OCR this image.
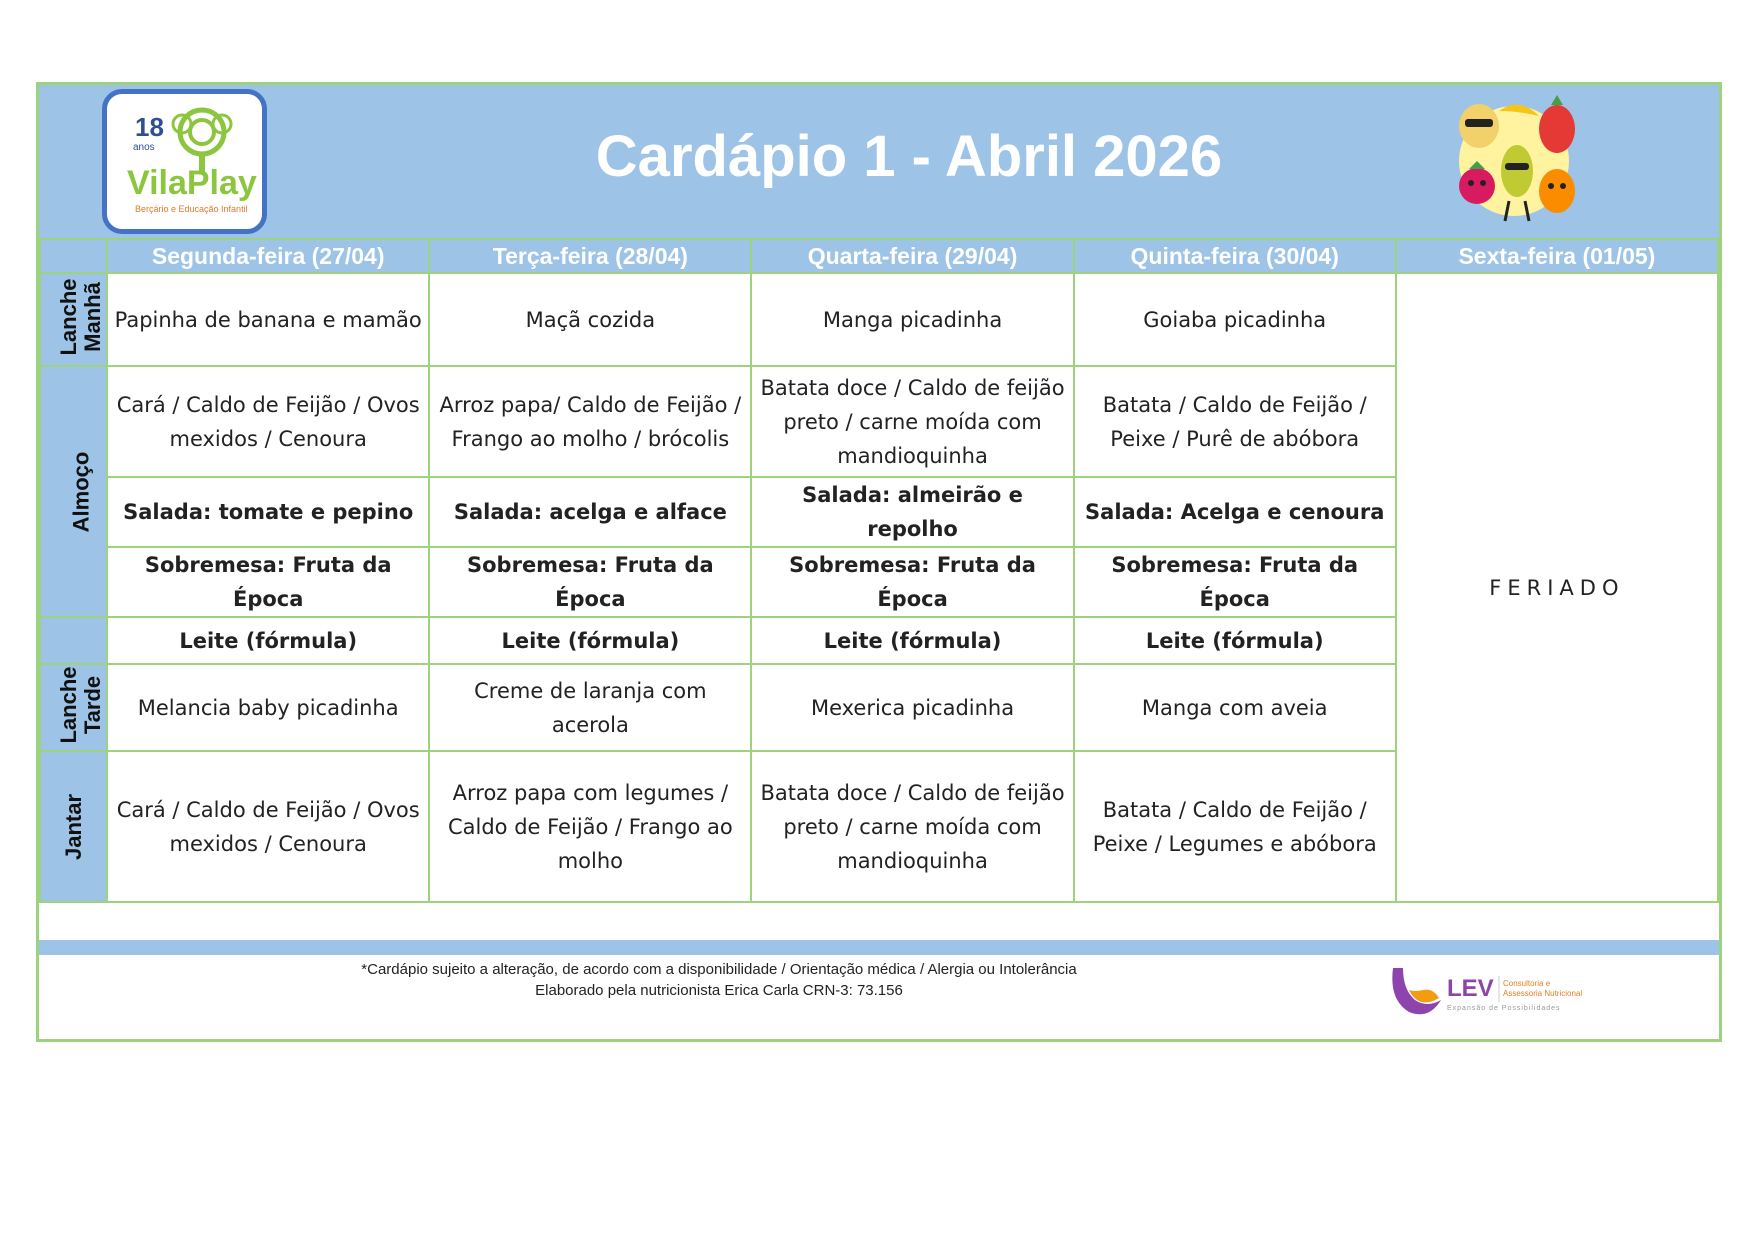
18
anos
VilaPlay
Berçário e Educação Infantil
Cardápio 1 - Abril 2026
	Segunda-feira (27/04)	Terça-feira (28/04)	Quarta-feira (29/04)	Quinta-feira (30/04)	Sexta-feira (01/05)
Lanche Manhã	Papinha de banana e mamão	Maçã cozida	Manga picadinha	Goiaba picadinha	FERIADO
Almoço	Cará / Caldo de Feijão / Ovos mexidos / Cenoura	Arroz papa/ Caldo de Feijão / Frango ao molho / brócolis	Batata doce / Caldo de feijão preto / carne moída com mandioquinha	Batata / Caldo de Feijão / Peixe / Purê de abóbora	
	Salada: tomate e pepino	Salada: acelga e alface	Salada: almeirão e repolho	Salada: Acelga e cenoura	
	Sobremesa: Fruta da Época	Sobremesa: Fruta da Época	Sobremesa: Fruta da Época	Sobremesa: Fruta da Época	
	Leite (fórmula)	Leite (fórmula)	Leite (fórmula)	Leite (fórmula)	
Lanche Tarde	Melancia baby picadinha	Creme de laranja com acerola	Mexerica picadinha	Manga com aveia	
Jantar	Cará / Caldo de Feijão / Ovos mexidos / Cenoura	Arroz papa com legumes / Caldo de Feijão / Frango ao molho	Batata doce / Caldo de feijão preto / carne moída com mandioquinha	Batata / Caldo de Feijão / Peixe / Legumes e abóbora	
*Cardápio sujeito a alteração, de acordo com a disponibilidade / Orientação médica / Alergia ou Intolerância
Elaborado pela nutricionista Erica Carla CRN-3: 73.156	LEV Consultoria e
Assessoria Nutricional
Expansão de Possibilidades
